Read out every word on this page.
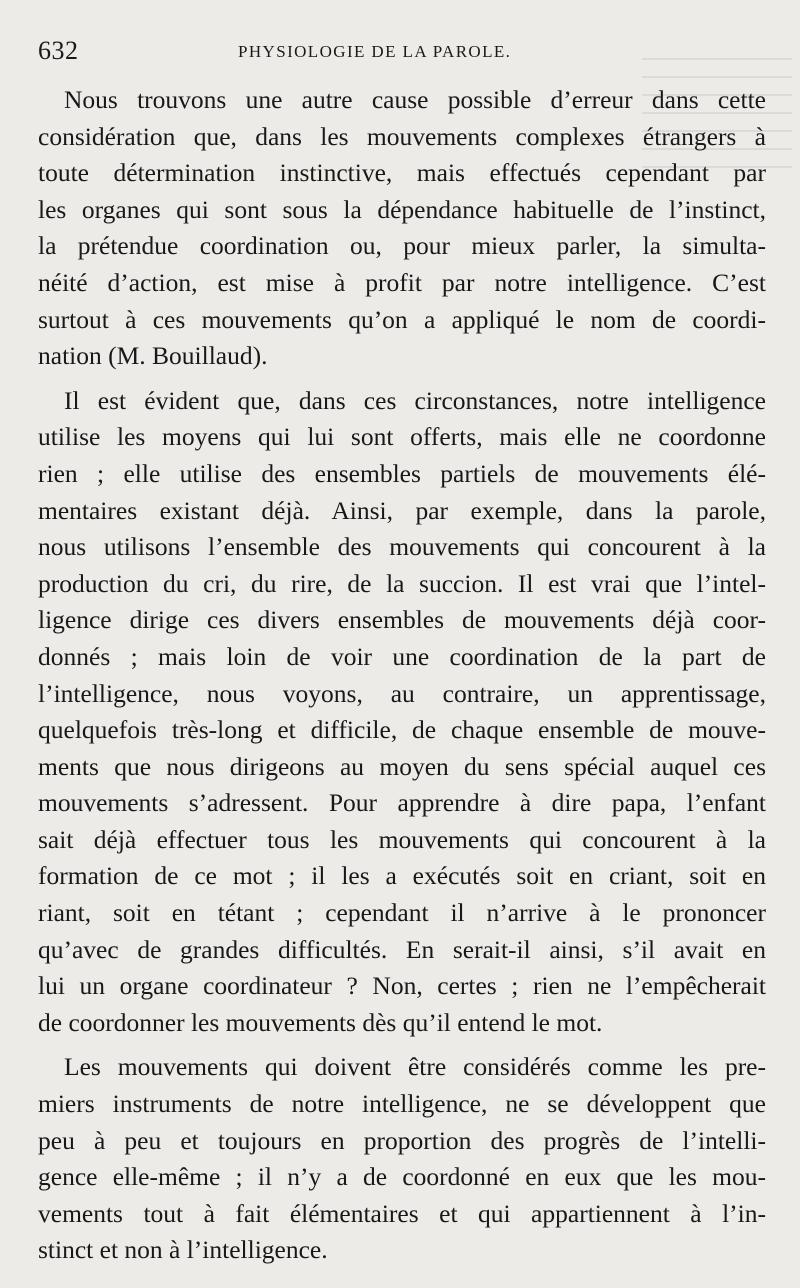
632	PHYSIOLOGIE DE LA PAROLE.

Nous trouvons une autre cause possible d’erreur dans cette
considération que, dans les mouvements complexes étrangers à
toute détermination instinctive, mais effectués cependant par
les organes qui sont sous la dépendance habituelle de l’instinct,
la prétendue coordination ou, pour mieux parler, la simulta-
néité d’action, est mise à profit par notre intelligence. C’est
surtout à ces mouvements qu’on a appliqué le nom de coordi-
nation (M. Bouillaud).

Il est évident que, dans ces circonstances, notre intelligence
utilise les moyens qui lui sont offerts, mais elle ne coordonne
rien ; elle utilise des ensembles partiels de mouvements élé-
mentaires existant déjà. Ainsi, par exemple, dans la parole,
nous utilisons l’ensemble des mouvements qui concourent à la
production du cri, du rire, de la succion. Il est vrai que l’intel-
ligence dirige ces divers ensembles de mouvements déjà coor-
donnés ; mais loin de voir une coordination de la part de
l’intelligence, nous voyons, au contraire, un apprentissage,
quelquefois très-long et difficile, de chaque ensemble de mouve-
ments que nous dirigeons au moyen du sens spécial auquel ces
mouvements s’adressent. Pour apprendre à dire papa, l’enfant
sait déjà effectuer tous les mouvements qui concourent à la
formation de ce mot ; il les a exécutés soit en criant, soit en
riant, soit en tétant ; cependant il n’arrive à le prononcer
qu’avec de grandes difficultés. En serait-il ainsi, s’il avait en
lui un organe coordinateur ? Non, certes ; rien ne l’empêcherait
de coordonner les mouvements dès qu’il entend le mot.

Les mouvements qui doivent être considérés comme les pre-
miers instruments de notre intelligence, ne se développent que
peu à peu et toujours en proportion des progrès de l’intelli-
gence elle-même ; il n’y a de coordonné en eux que les mou-
vements tout à fait élémentaires et qui appartiennent à l’in-
stinct et non à l’intelligence.
